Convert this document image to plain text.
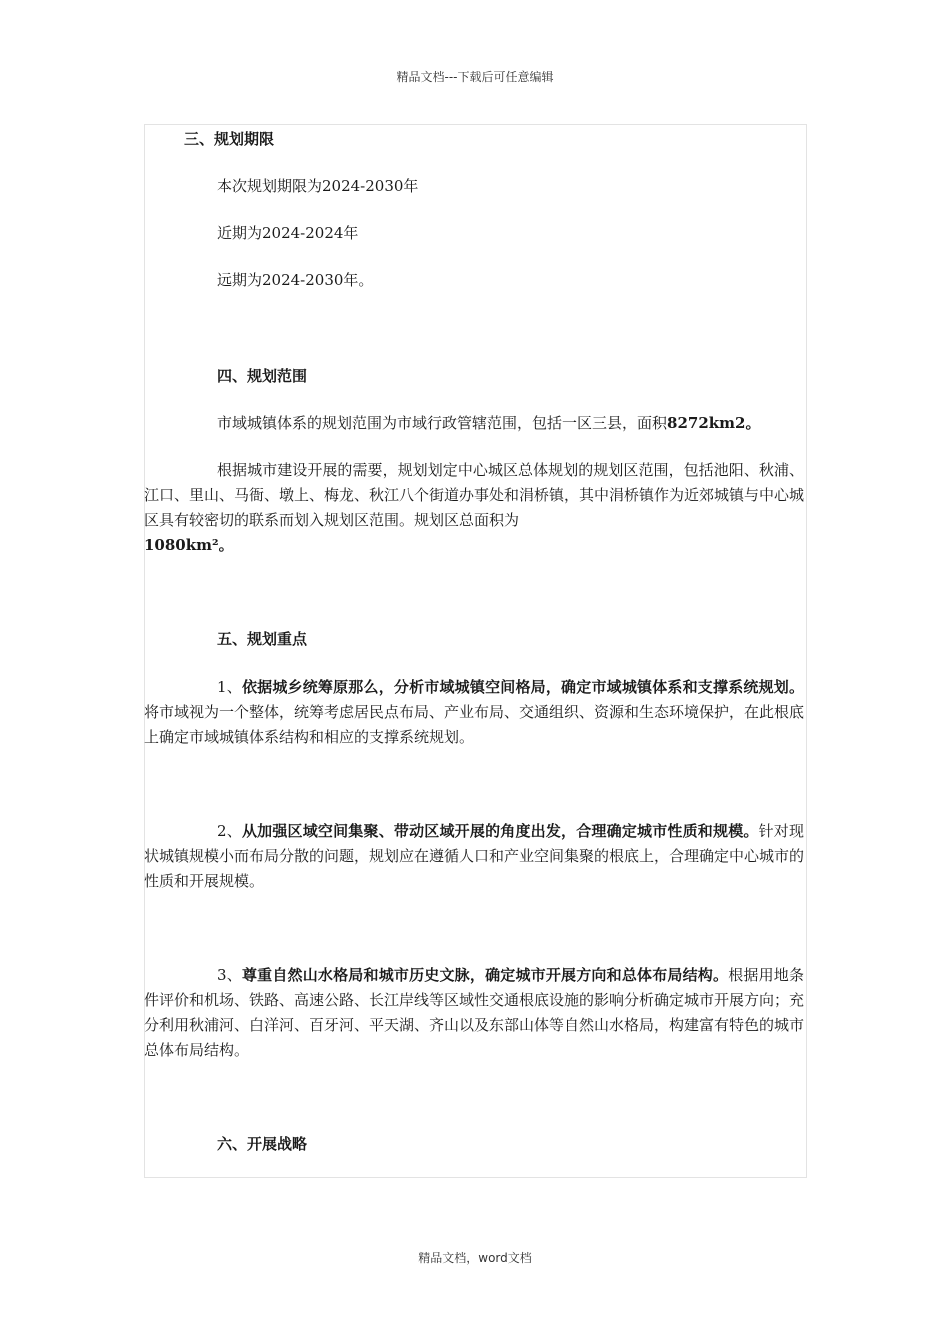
精品文档---下载后可任意编辑
三、规划期限
本次规划期限为2024-2030年
近期为2024-2024年
远期为2024-2030年。
四、规划范围
市域城镇体系的规划范围为市域行政管辖范围，包括一区三县，面积8272km2。
根据城市建设开展的需要，规划划定中心城区总体规划的规划区范围，包括池阳、秋浦、江口、里山、马衙、墩上、梅龙、秋江八个街道办事处和涓桥镇，其中涓桥镇作为近郊城镇与中心城区具有较密切的联系而划入规划区范围。规划区总面积为
1080km²。
五、规划重点
1、依据城乡统筹原那么，分析市域城镇空间格局，确定市域城镇体系和支撑系统规划。将市域视为一个整体，统筹考虑居民点布局、产业布局、交通组织、资源和生态环境保护，在此根底上确定市域城镇体系结构和相应的支撑系统规划。
2、从加强区域空间集聚、带动区域开展的角度出发，合理确定城市性质和规模。针对现状城镇规模小而布局分散的问题，规划应在遵循人口和产业空间集聚的根底上，合理确定中心城市的性质和开展规模。
3、尊重自然山水格局和城市历史文脉，确定城市开展方向和总体布局结构。根据用地条件评价和机场、铁路、高速公路、长江岸线等区域性交通根底设施的影响分析确定城市开展方向；充分利用秋浦河、白洋河、百牙河、平天湖、齐山以及东部山体等自然山水格局，构建富有特色的城市总体布局结构。
六、开展战略
精品文档，word文档
